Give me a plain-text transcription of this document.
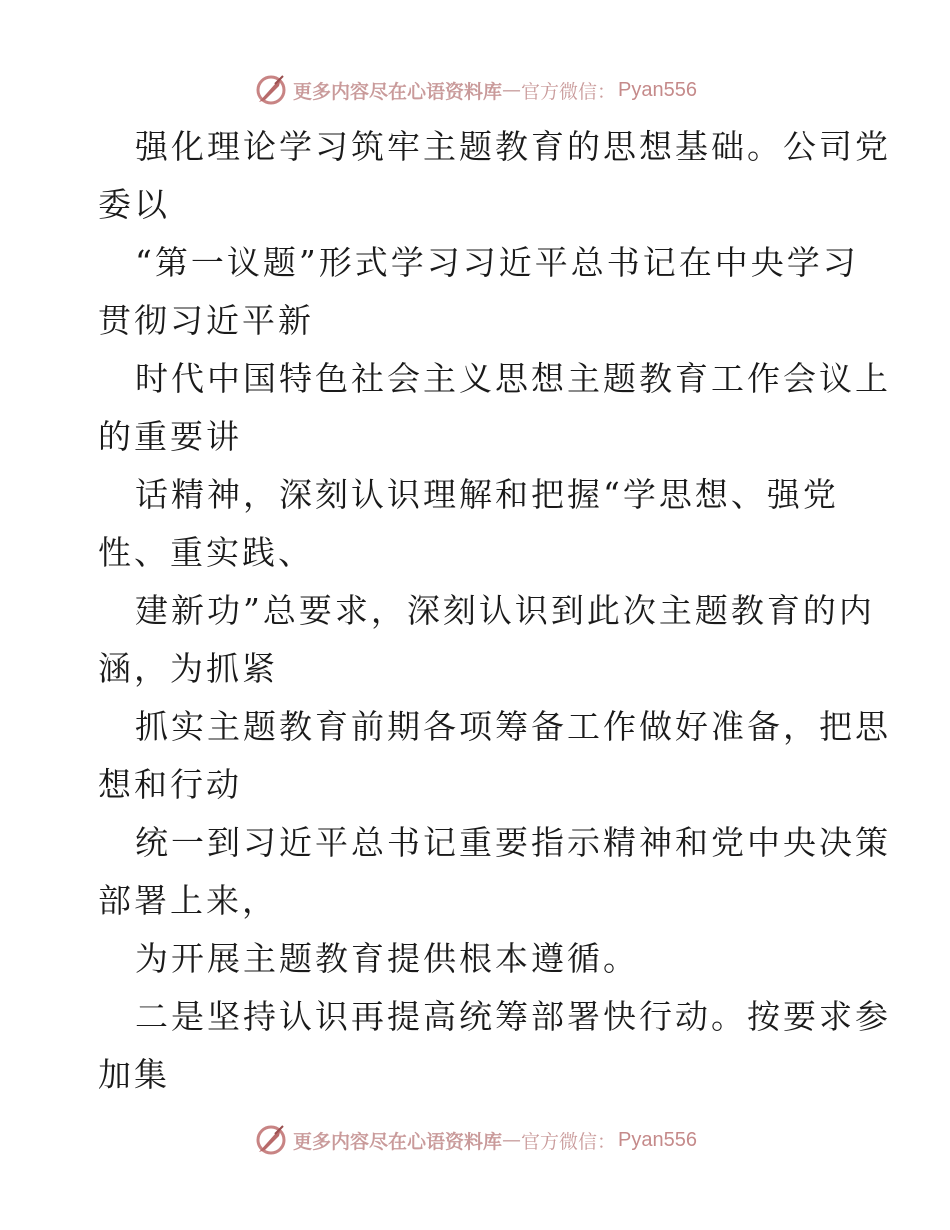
更多内容尽在心语资料库 — 官方微信： Pyan556
强化理论学习筑牢主题教育的思想基础。公司党
委以
“第一议题”形式学习习近平总书记在中央学习
贯彻习近平新
时代中国特色社会主义思想主题教育工作会议上
的重要讲
话精神，深刻认识理解和把握“学思想、强党
性、重实践、
建新功”总要求，深刻认识到此次主题教育的内
涵，为抓紧
抓实主题教育前期各项筹备工作做好准备，把思
想和行动
统一到习近平总书记重要指示精神和党中央决策
部署上来，
为开展主题教育提供根本遵循。
二是坚持认识再提高统筹部署快行动。按要求参
加集
更多内容尽在心语资料库 — 官方微信： Pyan556
